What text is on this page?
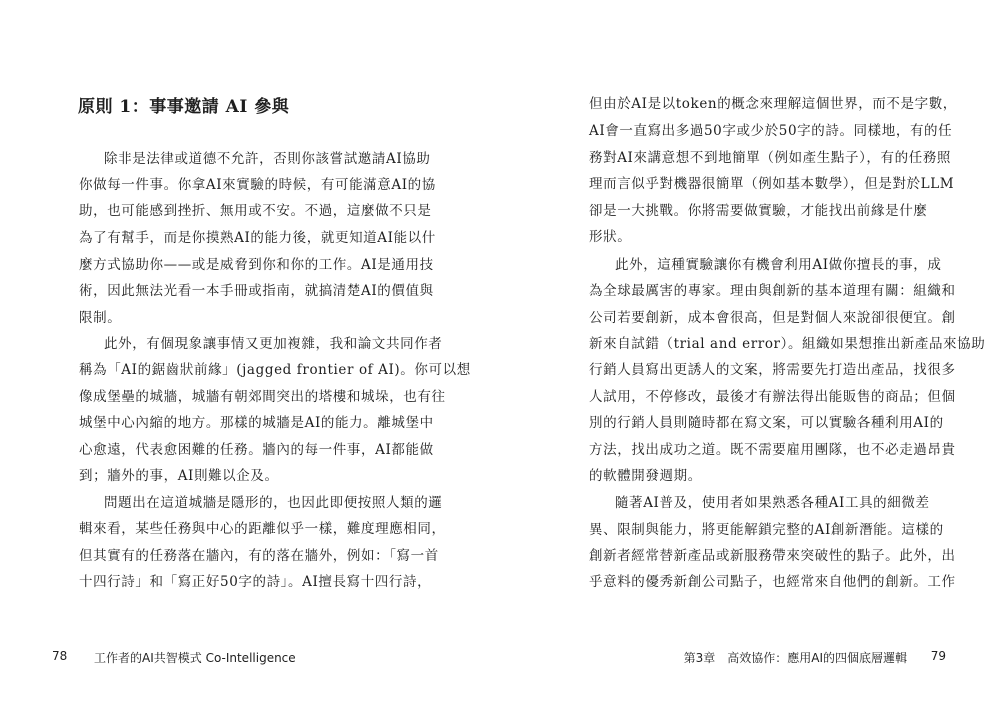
原則 1：事事邀請 AI 參與
除非是法律或道德不允許，否則你該嘗試邀請AI協助
你做每一件事。你拿AI來實驗的時候，有可能滿意AI的協
助，也可能感到挫折、無用或不安。不過，這麼做不只是
為了有幫手，而是你摸熟AI的能力後，就更知道AI能以什
麼方式協助你——或是威脅到你和你的工作。AI是通用技
術，因此無法光看一本手冊或指南，就搞清楚AI的價值與
限制。
此外，有個現象讓事情又更加複雜，我和論文共同作者
稱為「AI的鋸齒狀前緣」(jagged frontier of AI)。你可以想
像成堡壘的城牆，城牆有朝郊間突出的塔樓和城垛，也有往
城堡中心內縮的地方。那樣的城牆是AI的能力。離城堡中
心愈遠，代表愈困難的任務。牆內的每一件事，AI都能做
到；牆外的事，AI則難以企及。
問題出在這道城牆是隱形的，也因此即便按照人類的邏
輯來看，某些任務與中心的距離似乎一樣，難度理應相同，
但其實有的任務落在牆內，有的落在牆外，例如：「寫一首
十四行詩」和「寫正好50字的詩」。AI擅長寫十四行詩，
78 工作者的AI共智模式 Co-Intelligence
但由於AI是以token的概念來理解這個世界，而不是字數，
AI會一直寫出多過50字或少於50字的詩。同樣地，有的任
務對AI來講意想不到地簡單（例如產生點子），有的任務照
理而言似乎對機器很簡單（例如基本數學），但是對於LLM
卻是一大挑戰。你將需要做實驗，才能找出前緣是什麼
形狀。
此外，這種實驗讓你有機會利用AI做你擅長的事，成
為全球最厲害的專家。理由與創新的基本道理有關：組織和
公司若要創新，成本會很高，但是對個人來說卻很便宜。創
新來自試錯（trial and error）。組織如果想推出新產品來協助
行銷人員寫出更誘人的文案，將需要先打造出產品，找很多
人試用，不停修改，最後才有辦法得出能販售的商品；但個
別的行銷人員則隨時都在寫文案，可以實驗各種利用AI的
方法，找出成功之道。既不需要雇用團隊，也不必走過昂貴
的軟體開發週期。
隨著AI普及，使用者如果熟悉各種AI工具的細微差
異、限制與能力，將更能解鎖完整的AI創新潛能。這樣的
創新者經常替新產品或新服務帶來突破性的點子。此外，出
乎意料的優秀新創公司點子，也經常來自他們的創新。工作
第3章　高效協作：應用AI的四個底層邏輯 79
